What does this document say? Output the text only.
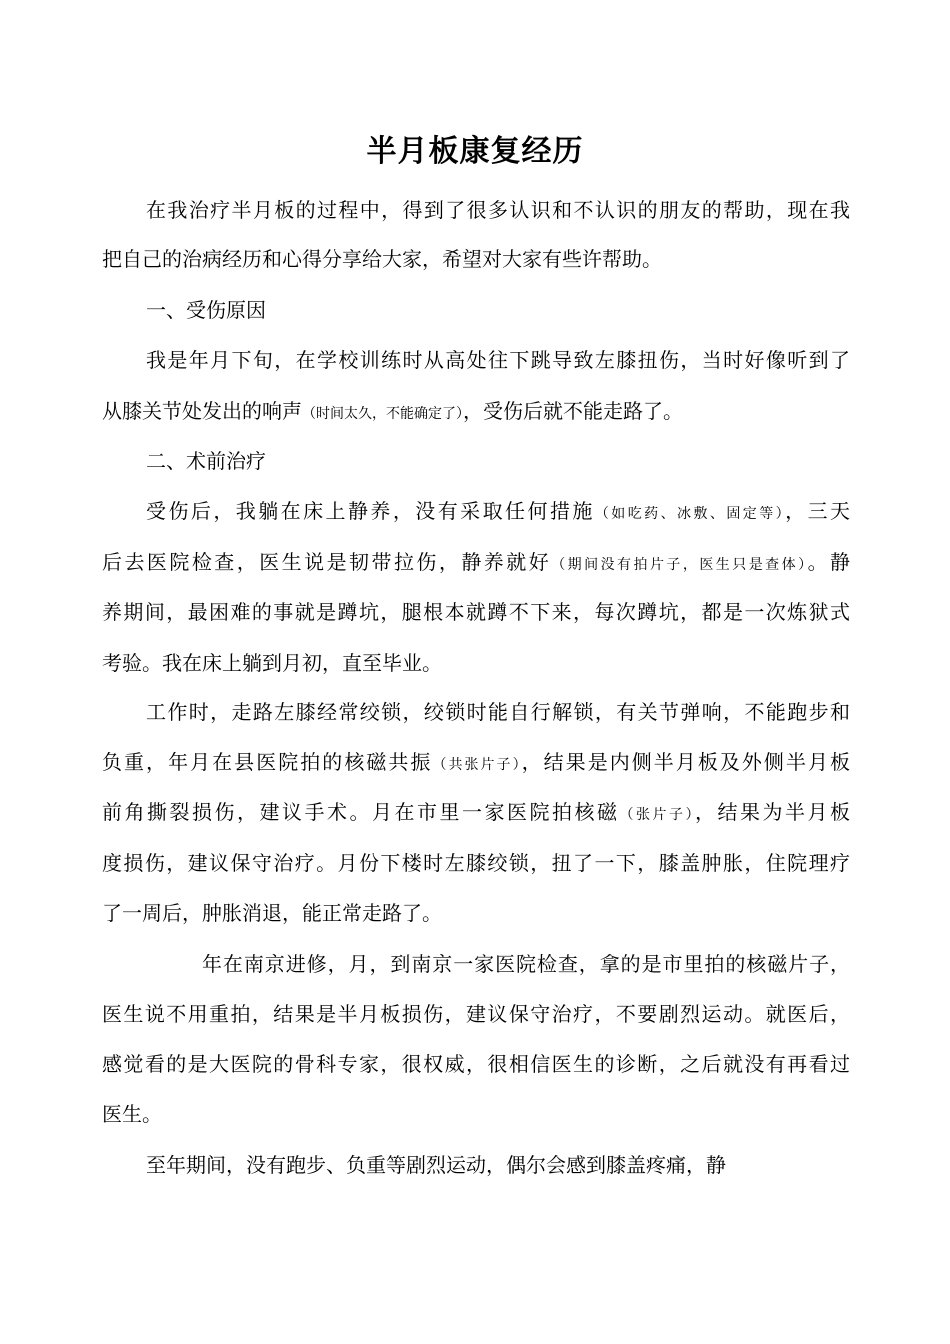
半月板康复经历

在我治疗半月板的过程中，得到了很多认识和不认识的朋友的帮助，现在我

把自己的治病经历和心得分享给大家，希望对大家有些许帮助。

一、受伤原因

我是年月下旬，在学校训练时从高处往下跳导致左膝扭伤，当时好像听到了

从膝关节处发出的响声（时间太久，不能确定了），受伤后就不能走路了。

二、术前治疗

受伤后，我躺在床上静养，没有采取任何措施（如吃药、冰敷、固定等），三天

后去医院检查，医生说是韧带拉伤，静养就好（期间没有拍片子，医生只是查体）。静

养期间，最困难的事就是蹲坑，腿根本就蹲不下来，每次蹲坑，都是一次炼狱式

考验。我在床上躺到月初，直至毕业。

工作时，走路左膝经常绞锁，绞锁时能自行解锁，有关节弹响，不能跑步和

负重，年月在县医院拍的核磁共振（共张片子），结果是内侧半月板及外侧半月板

前角撕裂损伤，建议手术。月在市里一家医院拍核磁（张片子），结果为半月板

度损伤，建议保守治疗。月份下楼时左膝绞锁，扭了一下，膝盖肿胀，住院理疗

了一周后，肿胀消退，能正常走路了。

年在南京进修，月，到南京一家医院检查，拿的是市里拍的核磁片子，

医生说不用重拍，结果是半月板损伤，建议保守治疗，不要剧烈运动。就医后，

感觉看的是大医院的骨科专家，很权威，很相信医生的诊断，之后就没有再看过

医生。

至年期间，没有跑步、负重等剧烈运动，偶尔会感到膝盖疼痛，静
